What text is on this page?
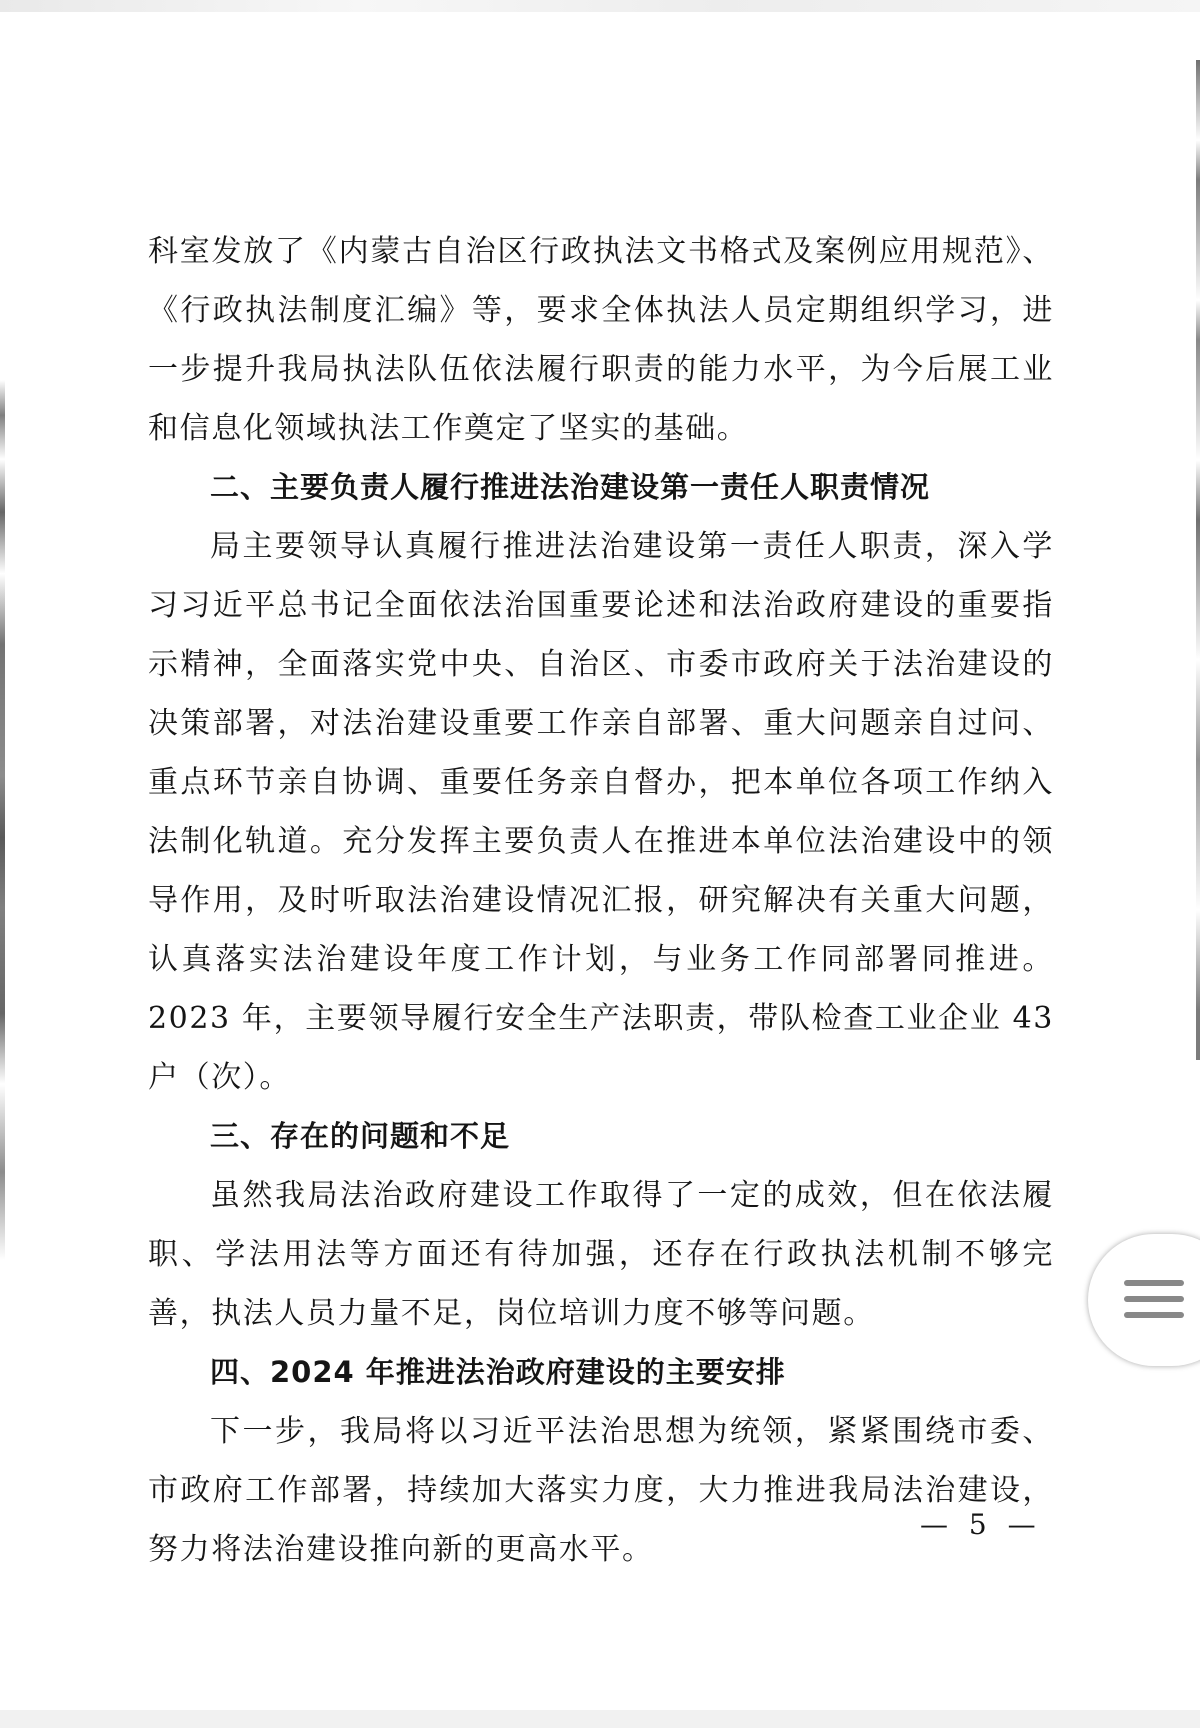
科室发放了《内蒙古自治区行政执法文书格式及案例应用规范》、《行政执法制度汇编》等，要求全体执法人员定期组织学习，进一步提升我局执法队伍依法履行职责的能力水平，为今后展工业和信息化领域执法工作奠定了坚实的基础。

二、主要负责人履行推进法治建设第一责任人职责情况

局主要领导认真履行推进法治建设第一责任人职责，深入学习习近平总书记全面依法治国重要论述和法治政府建设的重要指示精神，全面落实党中央、自治区、市委市政府关于法治建设的决策部署，对法治建设重要工作亲自部署、重大问题亲自过问、重点环节亲自协调、重要任务亲自督办，把本单位各项工作纳入法制化轨道。充分发挥主要负责人在推进本单位法治建设中的领导作用，及时听取法治建设情况汇报，研究解决有关重大问题，认真落实法治建设年度工作计划，与业务工作同部署同推进。2023 年，主要领导履行安全生产法职责，带队检查工业企业 43 户（次）。

三、存在的问题和不足

虽然我局法治政府建设工作取得了一定的成效，但在依法履职、学法用法等方面还有待加强，还存在行政执法机制不够完善，执法人员力量不足，岗位培训力度不够等问题。

四、2024 年推进法治政府建设的主要安排

下一步，我局将以习近平法治思想为统领，紧紧围绕市委、市政府工作部署，持续加大落实力度，大力推进我局法治建设，努力将法治建设推向新的更高水平。

— 5 —
